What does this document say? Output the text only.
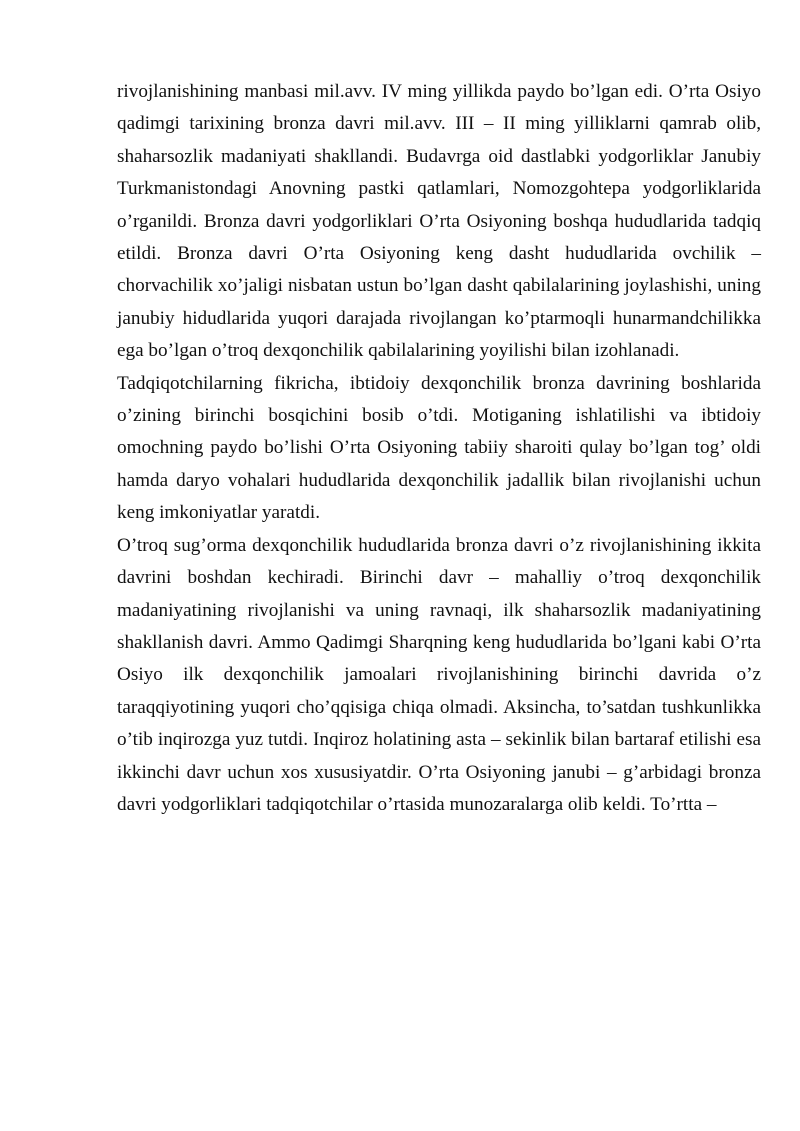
rivojlanishining manbasi mil.avv. IV ming yillikda paydo bo’lgan edi. O’rta Osiyo qadimgi tarixining bronza davri mil.avv. III – II ming yilliklarni qamrab olib, shaharsozlik madaniyati shakllandi. Budavrga oid dastlabki yodgorliklar Janubiy Turkmanistondagi Anovning pastki qatlamlari, Nomozgohtepa yodgorliklarida o’rganildi. Bronza davri yodgorliklari O’rta Osiyoning boshqa hududlarida tadqiq etildi. Bronza davri O’rta Osiyoning keng dasht hududlarida ovchilik – chorvachilik xo’jaligi nisbatan ustun bo’lgan dasht qabilalarining joylashishi, uning janubiy hidudlarida yuqori darajada rivojlangan ko’ptarmoqli hunarmandchilikka ega bo’lgan o’troq dexqonchilik qabilalarining yoyilishi bilan izohlanadi.

Tadqiqotchilarning fikricha, ibtidoiy dexqonchilik bronza davrining boshlarida o’zining birinchi bosqichini bosib o’tdi. Motiganing ishlatilishi va ibtidoiy omochning paydo bo’lishi O’rta Osiyoning tabiiy sharoiti qulay bo’lgan tog’ oldi hamda daryo vohalari hududlarida dexqonchilik jadallik bilan rivojlanishi uchun keng imkoniyatlar yaratdi.

O’troq sug’orma dexqonchilik hududlarida bronza davri o’z rivojlanishining ikkita davrini boshdan kechiradi. Birinchi davr – mahalliy o’troq dexqonchilik madaniyatining rivojlanishi va uning ravnaqi, ilk shaharsozlik madaniyatining shakllanish davri. Ammo Qadimgi Sharqning keng hududlarida bo’lgani kabi O’rta Osiyo ilk dexqonchilik jamoalari rivojlanishining birinchi davrida o’z taraqqiyotining yuqori cho’qqisiga chiqa olmadi. Aksincha, to’satdan tushkunlikka o’tib inqirozga yuz tutdi. Inqiroz holatining asta – sekinlik bilan bartaraf etilishi esa ikkinchi davr uchun xos xususiyatdir. O’rta Osiyoning janubi – g’arbidagi bronza davri yodgorliklari tadqiqotchilar o’rtasida munozaralarga olib keldi. To’rtta –
